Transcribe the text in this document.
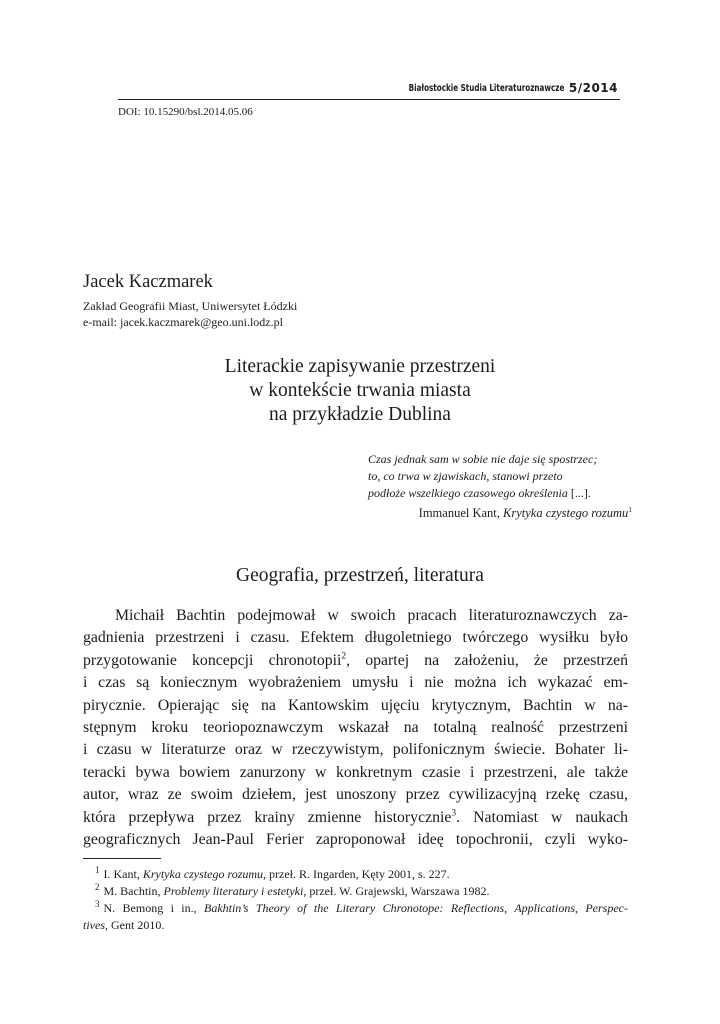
Białostockie Studia Literaturoznawcze 5/2014
DOI: 10.15290/bsl.2014.05.06
Jacek Kaczmarek
Zakład Geografii Miast, Uniwersytet Łódzki
e-mail: jacek.kaczmarek@geo.uni.lodz.pl
Literackie zapisywanie przestrzeni
w kontekście trwania miasta
na przykładzie Dublina
Czas jednak sam w sobie nie daje się spostrzec;
to, co trwa w zjawiskach, stanowi przeto
podłoże wszelkiego czasowego określenia [...].
Immanuel Kant, Krytyka czystego rozumu$^1$
Geografia, przestrzeń, literatura
Michaił Bachtin podejmował w swoich pracach literaturoznawczych za-
gadnienia przestrzeni i czasu. Efektem długoletniego twórczego wysiłku było
przygotowanie koncepcji chronotopii$^2$, opartej na założeniu, że przestrzeń
i czas są koniecznym wyobrażeniem umysłu i nie można ich wykazać em-
pirycznie. Opierając się na Kantowskim ujęciu krytycznym, Bachtin w na-
stępnym kroku teoriopoznawczym wskazał na totalną realność przestrzeni
i czasu w literaturze oraz w rzeczywistym, polifonicznym świecie. Bohater li-
teracki bywa bowiem zanurzony w konkretnym czasie i przestrzeni, ale także
autor, wraz ze swoim dziełem, jest unoszony przez cywilizacyjną rzekę czasu,
która przepływa przez krainy zmienne historycznie$^3$. Natomiast w naukach
geograficznych Jean-Paul Ferier zaproponował ideę topochronii, czyli wyko-
$^1$ I. Kant, Krytyka czystego rozumu, przeł. R. Ingarden, Kęty 2001, s. 227.
$^2$ M. Bachtin, Problemy literatury i estetyki, przeł. W. Grajewski, Warszawa 1982.
$^3$ N. Bemong i in., Bakhtin’s Theory of the Literary Chronotope: Reflections, Applications, Perspec-
tives, Gent 2010.
